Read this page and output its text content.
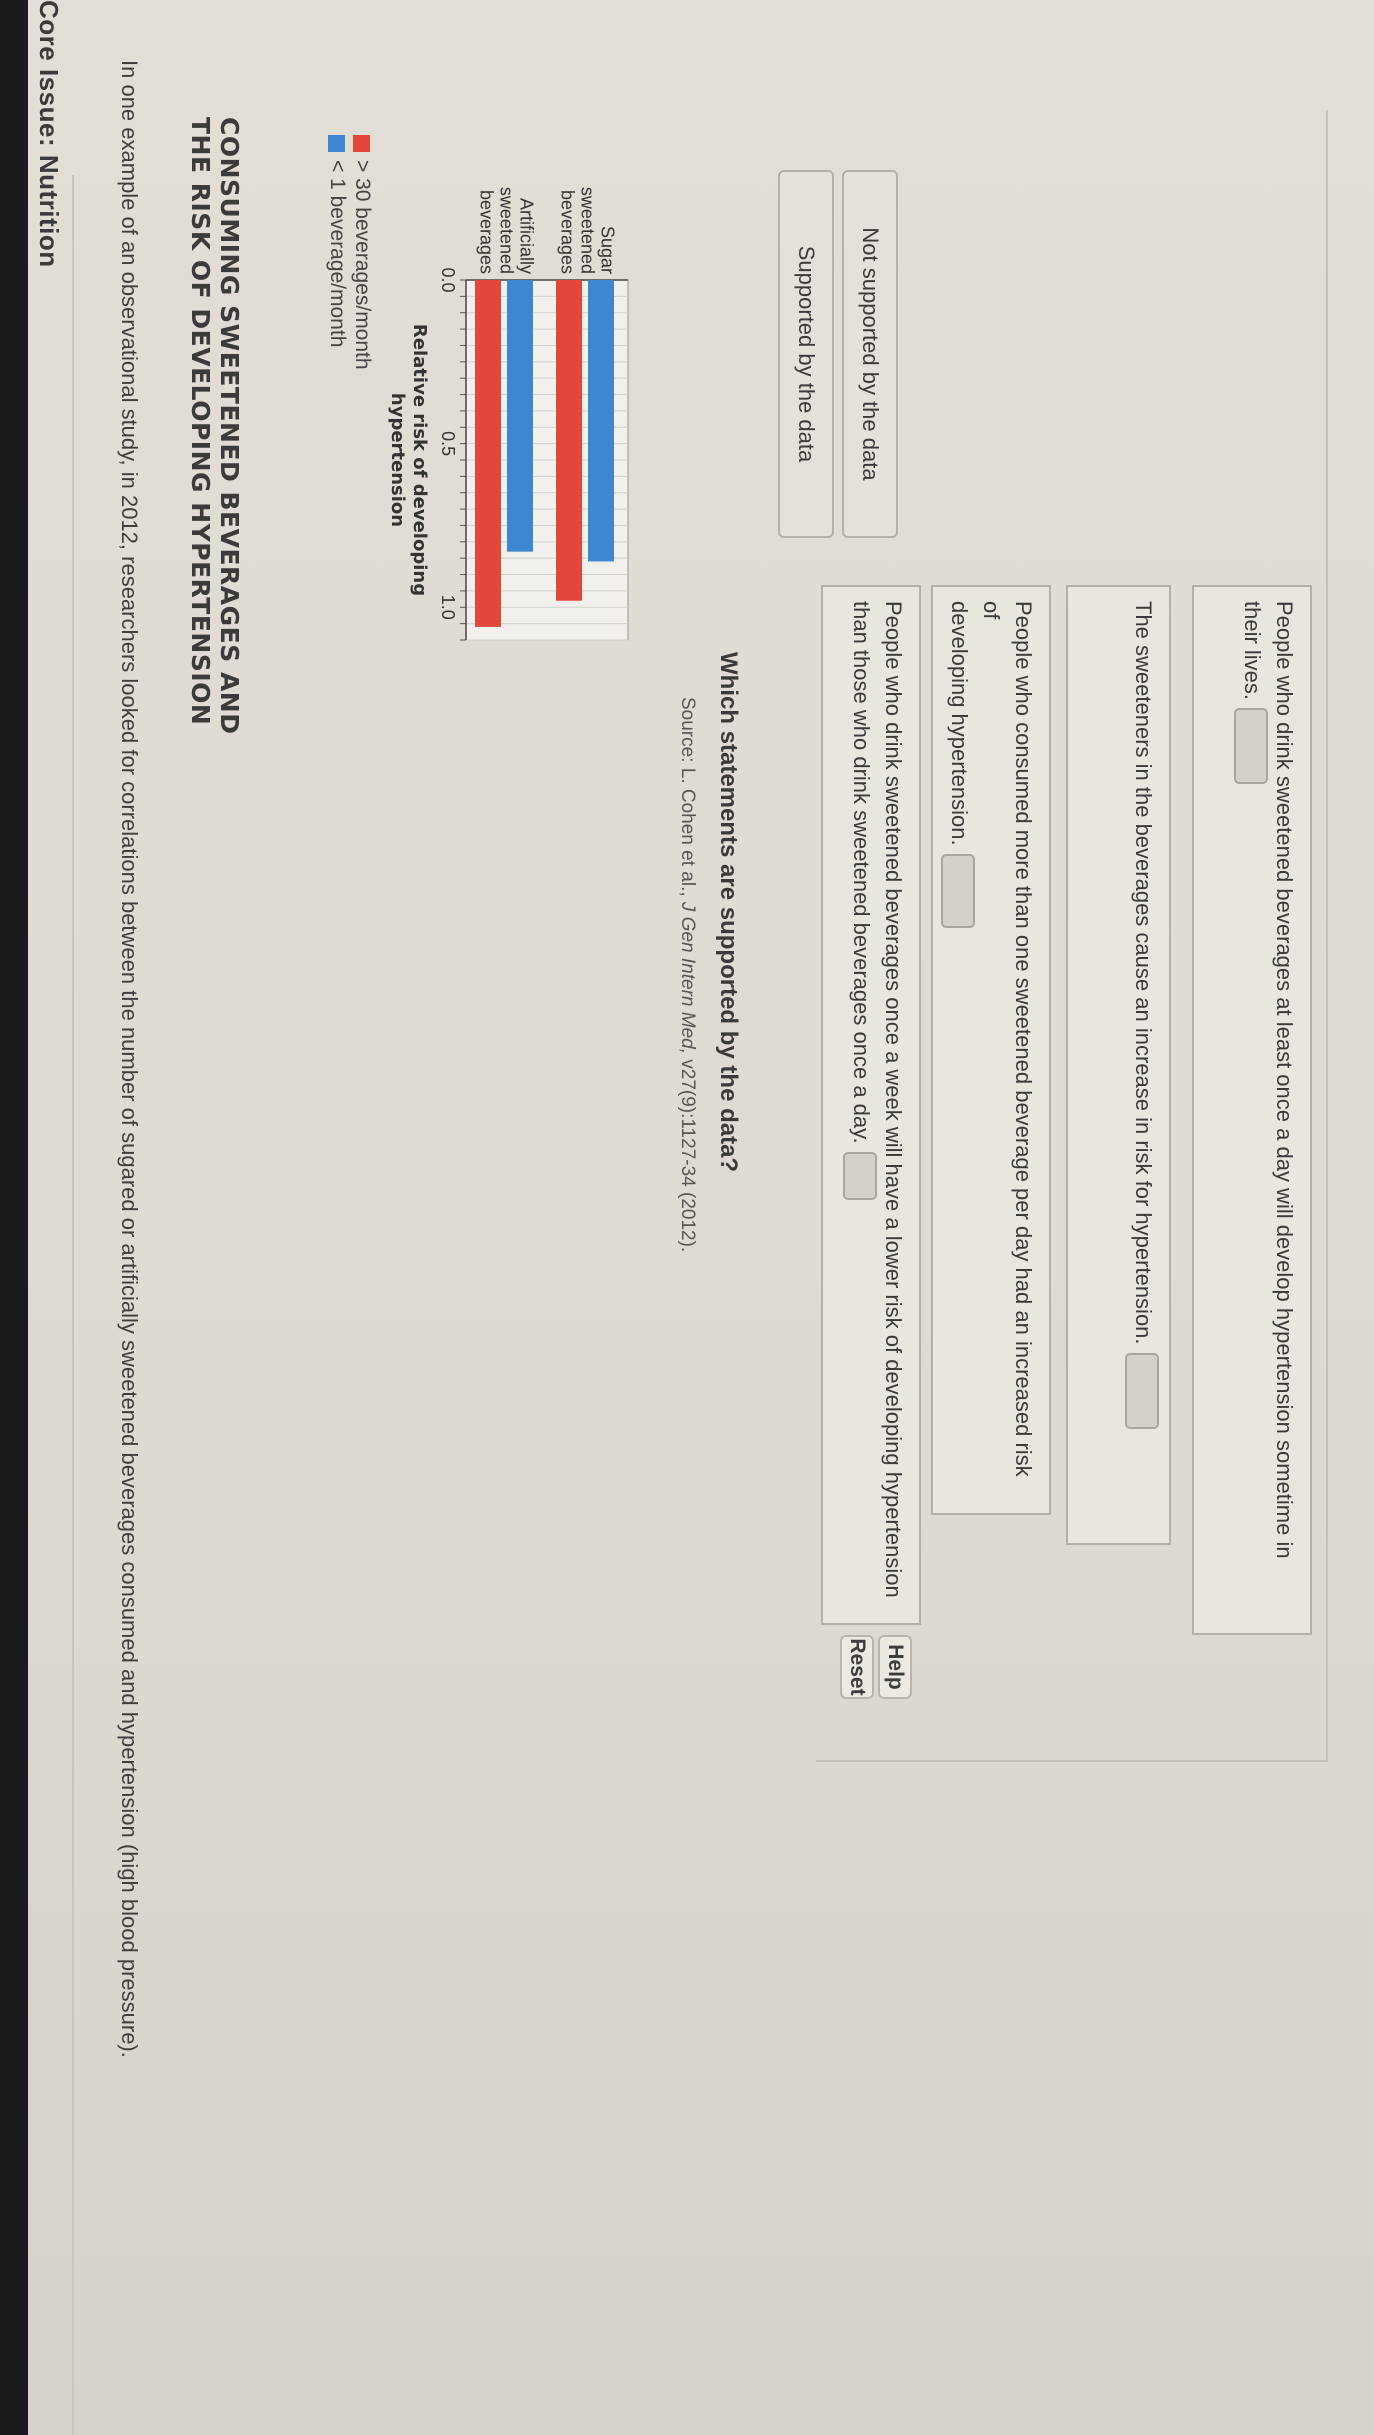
Core Issue: Nutrition In one example of an observational study, in 2012, researchers looked for correlations between the number of sugared or artificially sweetened beverages consumed and hypertension (high blood pressure).	CONSUMING SWEETENED BEVERAGES AND
THE RISK OF DEVELOPING HYPERTENSION	< 1 beverage/month > 30 beverages/month	0.0
0.5
1.0
Sugar
sweetened
beverages
Artificially
sweetened
beverages
Relative risk of developing
hypertension
Source: L. Cohen et al., J Gen Intern Med, v27(9):1127-34 (2012). Which statements are supported by the data?
Reset Help
Supported by the data	Not supported by the data
People who drink sweetened beverages once a week will have a lower risk of developing hypertension
than those who drink sweetened beverages once a day.	People who consumed more than one sweetened beverage per day had an increased risk of
developing hypertension.	The sweeteners in the beverages cause an increase in risk for hypertension.	People who drink sweetened beverages at least once a day will develop hypertension sometime in
their lives.
